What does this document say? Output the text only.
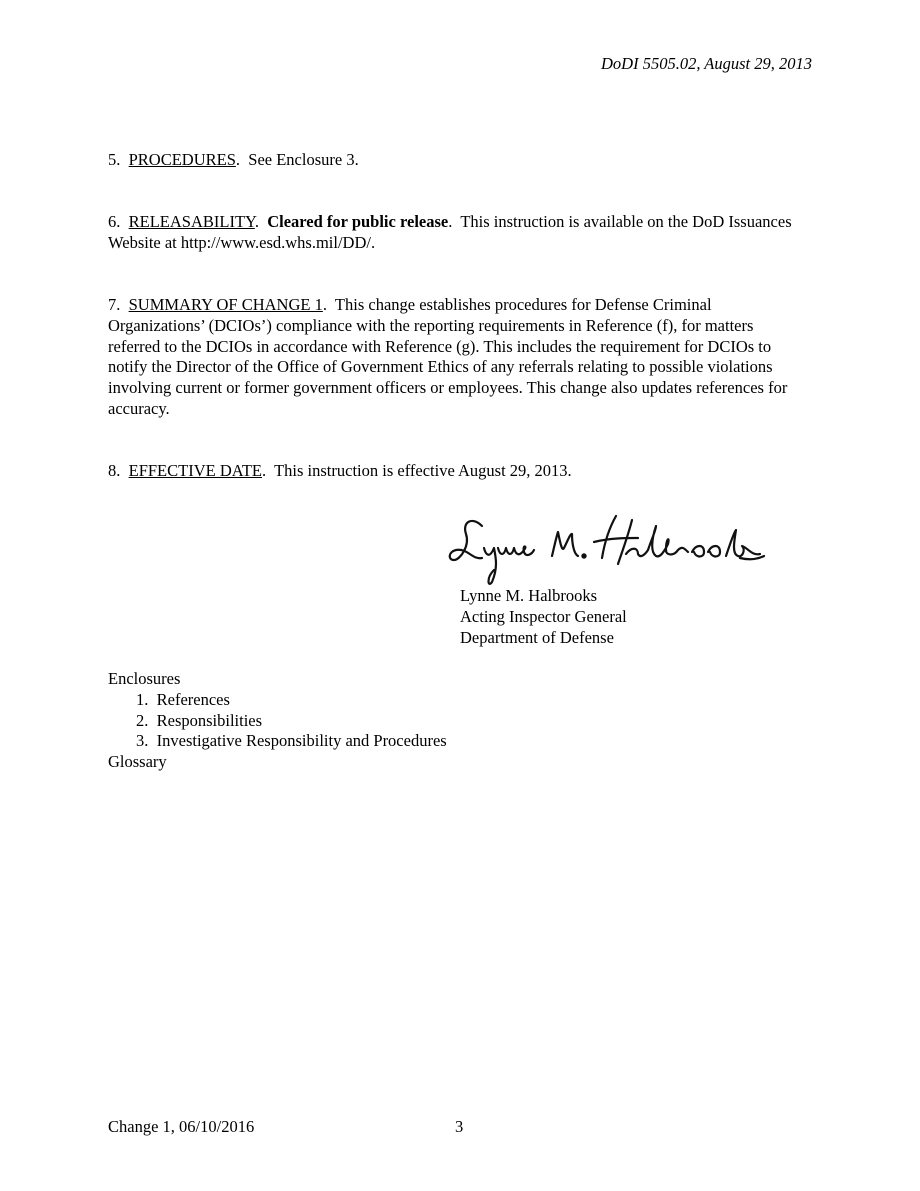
DoDI 5505.02, August 29, 2013
5. PROCEDURES.  See Enclosure 3.
6. RELEASABILITY.  Cleared for public release.  This instruction is available on the DoD Issuances Website at http://www.esd.whs.mil/DD/.
7. SUMMARY OF CHANGE 1.  This change establishes procedures for Defense Criminal Organizations’ (DCIOs’) compliance with the reporting requirements in Reference (f), for matters referred to the DCIOs in accordance with Reference (g). This includes the requirement for DCIOs to notify the Director of the Office of Government Ethics of any referrals relating to possible violations involving current or former government officers or employees. This change also updates references for accuracy.
8. EFFECTIVE DATE.  This instruction is effective August 29, 2013.
Lynne M. Halbrooks
Acting Inspector General
Department of Defense
Enclosures
1. References
2. Responsibilities
3. Investigative Responsibility and Procedures
Glossary
Change 1, 06/10/2016	3
